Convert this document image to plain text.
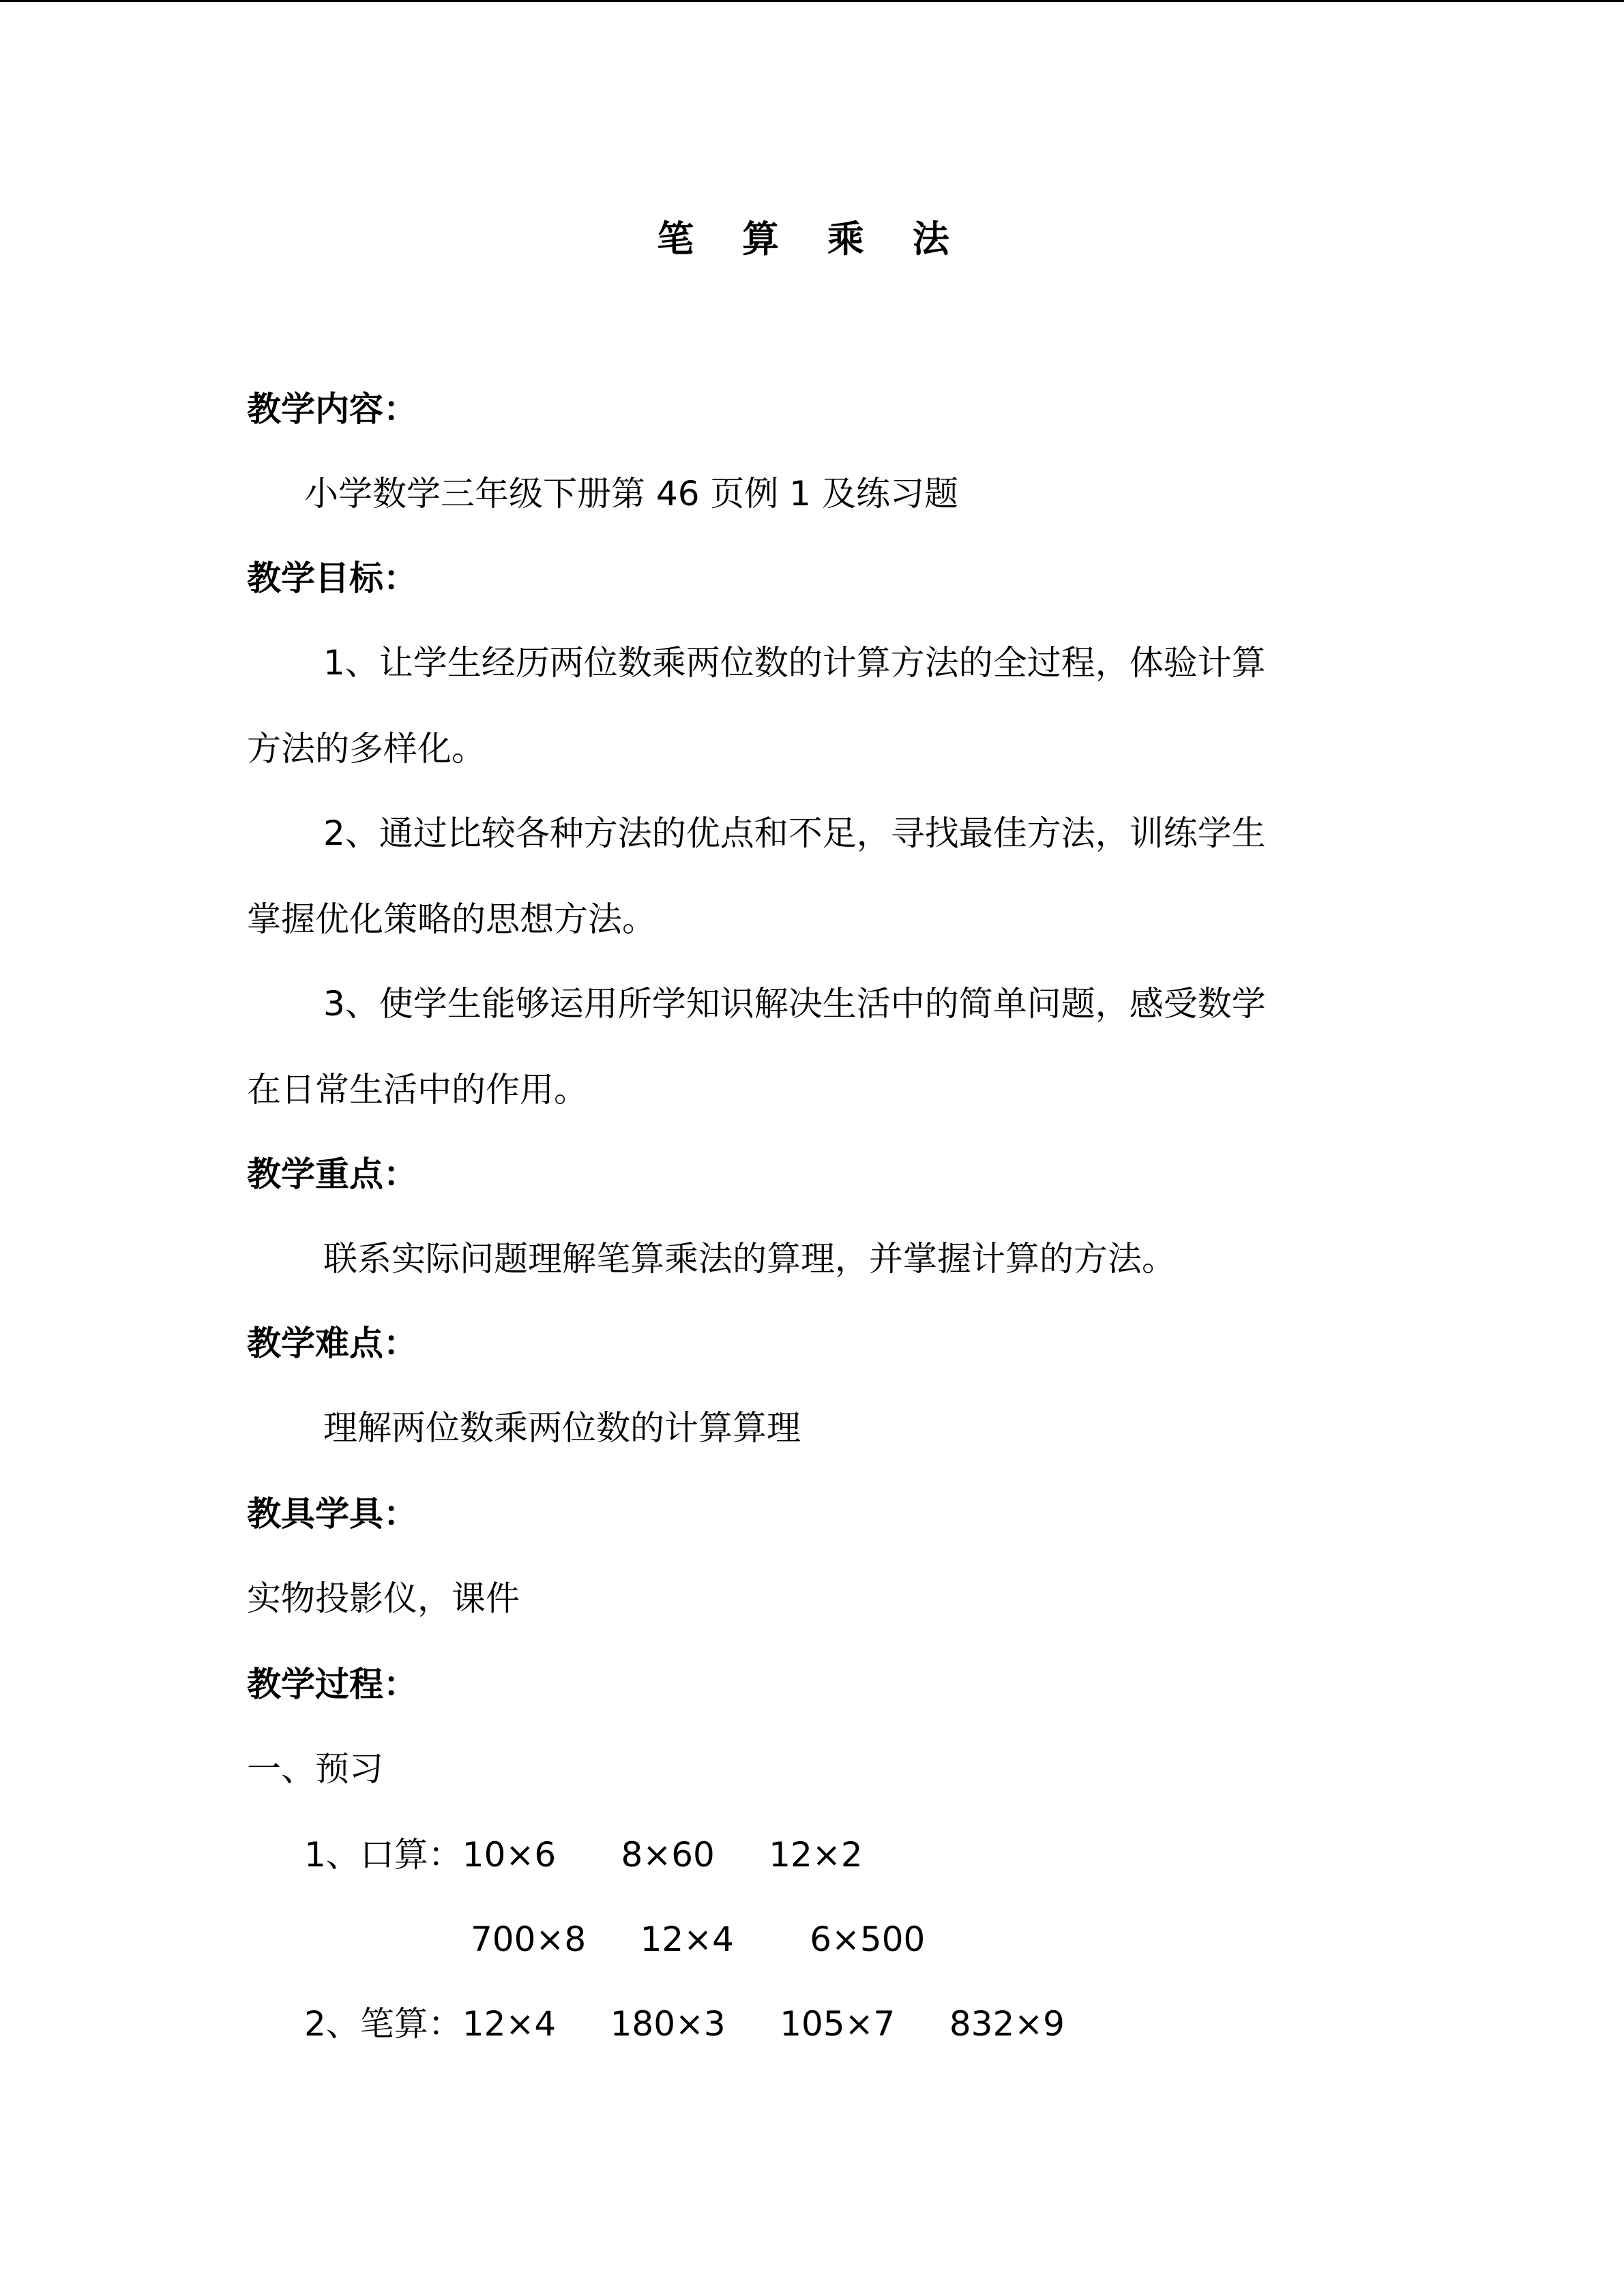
笔 算 乘 法
教学内容：
小学数学三年级下册第 46 页例 1 及练习题
教学目标：
1、让学生经历两位数乘两位数的计算方法的全过程，体验计算
方法的多样化。
2、通过比较各种方法的优点和不足，寻找最佳方法，训练学生
掌握优化策略的思想方法。
3、使学生能够运用所学知识解决生活中的简单问题，感受数学
在日常生活中的作用。
教学重点：
联系实际问题理解笔算乘法的算理，并掌握计算的方法。
教学难点：
理解两位数乘两位数的计算算理
教具学具：
实物投影仪，课件
教学过程：
一、预习
1、口算：10×6      8×60     12×2
700×8     12×4       6×500
2、笔算：12×4     180×3     105×7     832×9
